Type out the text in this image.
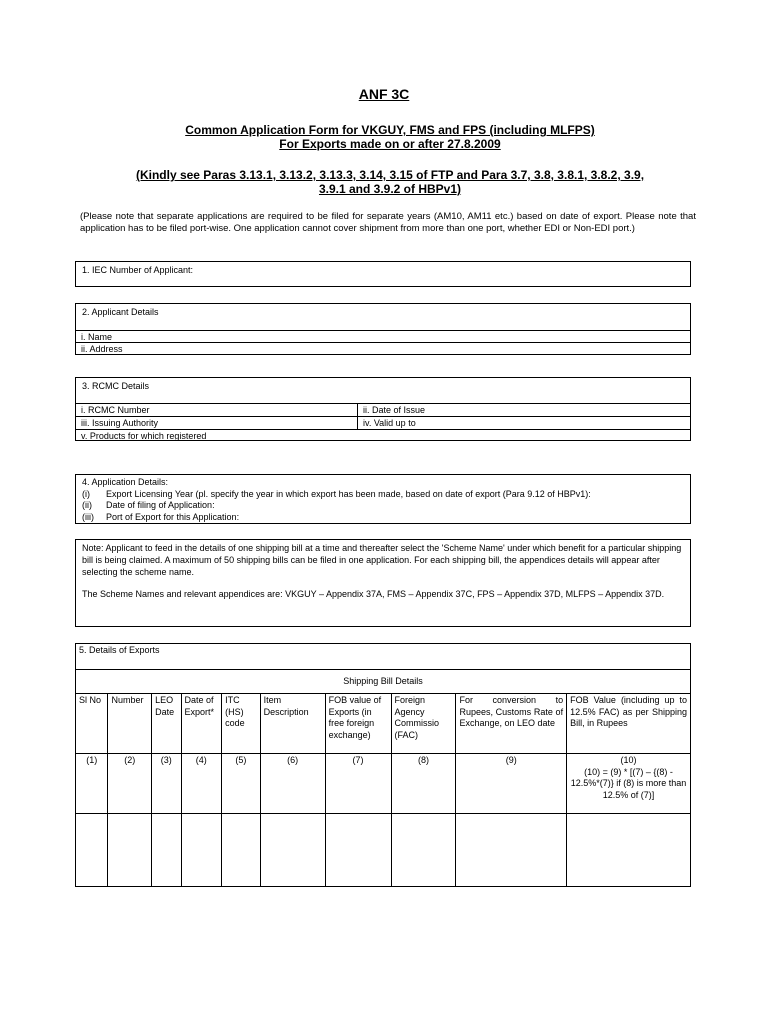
ANF 3C
Common Application Form for VKGUY, FMS and FPS (including MLFPS)
For Exports made on or after 27.8.2009
(Kindly see Paras 3.13.1, 3.13.2, 3.13.3, 3.14, 3.15 of FTP and Para 3.7, 3.8, 3.8.1, 3.8.2, 3.9,
3.9.1 and 3.9.2 of HBPv1)
(Please note that separate applications are required to be filed for separate years (AM10, AM11 etc.) based on date of export. Please note that application has to be filed port-wise. One application cannot cover shipment from more than one port, whether EDI or Non-EDI port.)
1. IEC Number of Applicant:
2. Applicant Details
i. Name
ii. Address
3. RCMC Details
i. RCMC Number	ii. Date of Issue
iii. Issuing Authority	iv. Valid up to
v. Products for which registered
4. Application Details:
(i)	Export Licensing Year (pl. specify the year in which export has been made, based on date of export (Para 9.12 of HBPv1):
(ii)	Date of filing of Application:
(iii)	Port of Export for this Application:
Note: Applicant to feed in the details of one shipping bill at a time and thereafter select the 'Scheme Name' under which benefit for a particular shipping bill is being claimed. A maximum of 50 shipping bills can be filed in one application. For each shipping bill, the appendices details will appear after selecting the scheme name.
The Scheme Names and relevant appendices are: VKGUY – Appendix 37A, FMS – Appendix 37C, FPS – Appendix 37D, MLFPS – Appendix 37D.
5. Details of Exports									
Shipping Bill Details									
Sl No	Number	LEO Date	Date of Export*	ITC (HS) code	Item Description	FOB value of Exports (in free foreign exchange)	Foreign Agency Commissio (FAC)	For conversion to Rupees, Customs Rate of Exchange, on LEO date	FOB Value (including up to 12.5% FAC) as per Shipping Bill, in Rupees
(1)	(2)	(3)	(4)	(5)	(6)	(7)	(8)	(9)	(10)
(10) = (9) * [(7) – {(8) - 12.5%*(7)} if (8) is more than 12.5% of (7)]
